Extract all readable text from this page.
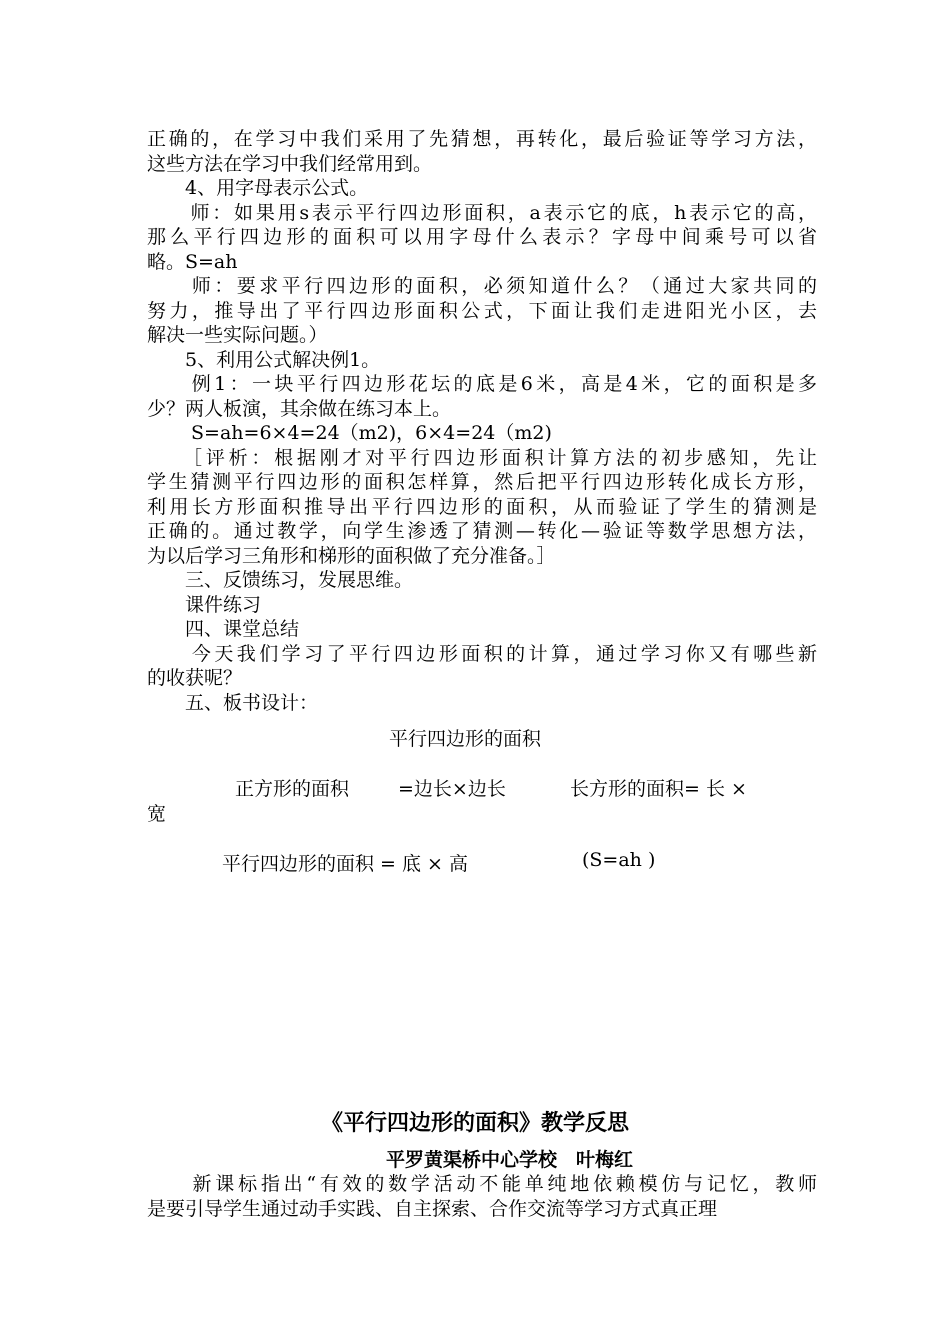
正确的，在学习中我们采用了先猜想，再转化，最后验证等学习方法，
这些方法在学习中我们经常用到。
　　4、用字母表示公式。
　　师：如果用s表示平行四边形面积，a表示它的底，h表示它的高，
那么平行四边形的面积可以用字母什么表示？字母中间乘号可以省
略。S=ah
　　师：要求平行四边形的面积，必须知道什么？（通过大家共同的
努力，推导出了平行四边形面积公式，下面让我们走进阳光小区，去
解决一些实际问题。）
　　5、利用公式解决例1。
　　例1：一块平行四边形花坛的底是6米，高是4米，它的面积是多
少？两人板演，其余做在练习本上。
　　 S=ah=6×4=24（m2)，6×4=24（m2)
　　［评析：根据刚才对平行四边形面积计算方法的初步感知，先让
学生猜测平行四边形的面积怎样算，然后把平行四边形转化成长方形，
利用长方形面积推导出平行四边形的面积，从而验证了学生的猜测是
正确的。通过教学，向学生渗透了猜测—转化—验证等数学思想方法，
为以后学习三角形和梯形的面积做了充分准备。］
　　三、反馈练习，发展思维。
　　课件练习
　　四、课堂总结
　　今天我们学习了平行四边形面积的计算，通过学习你又有哪些新
的收获呢？
　　五、板书设计：
平行四边形的面积
正方形的面积	=边长×边长	长方形的面积= 长 ×
宽
平行四边形的面积 = 底 × 高	(S=ah )
《平行四边形的面积》教学反思
平罗黄渠桥中心学校　叶梅红
　　新课标指出“有效的数学活动不能单纯地依赖模仿与记忆，教师
是要引导学生通过动手实践、自主探索、合作交流等学习方式真正理
